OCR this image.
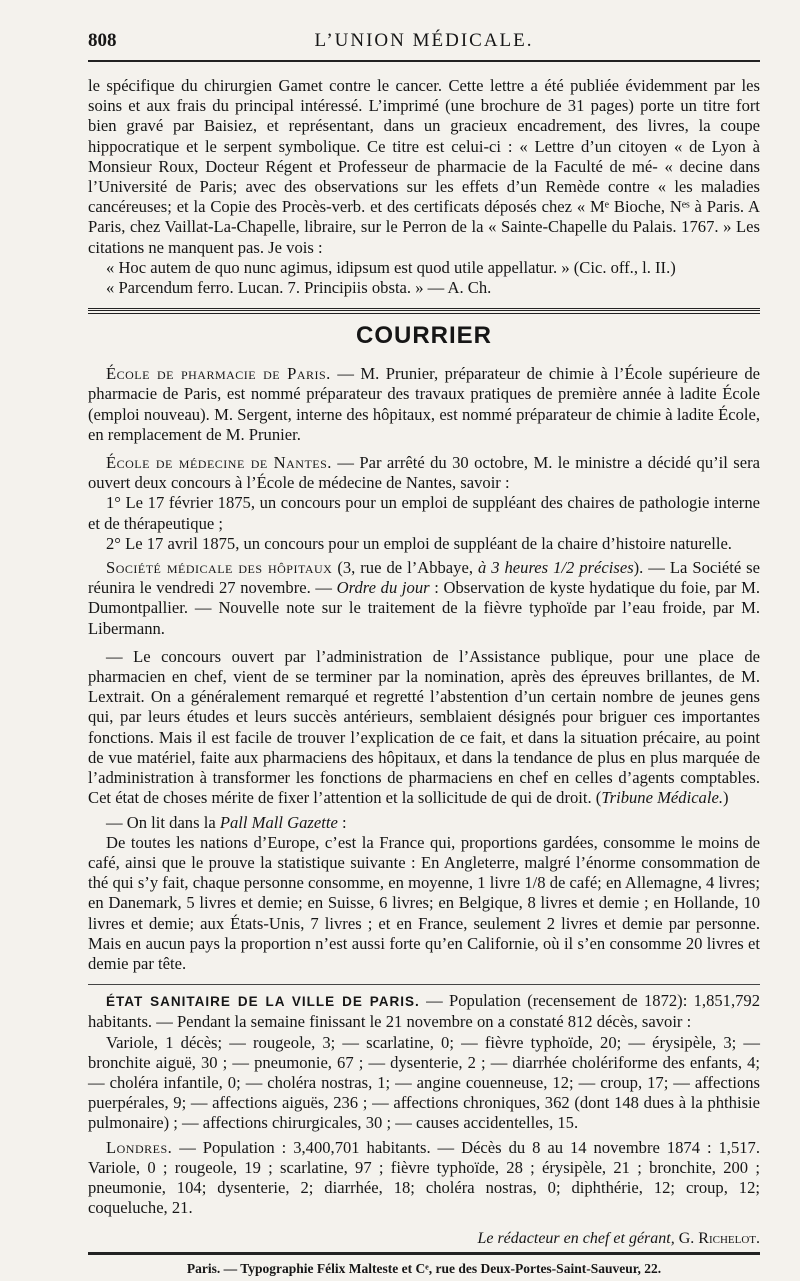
808	L’UNION MÉDICALE.

le spécifique du chirurgien Gamet contre le cancer. Cette lettre a été publiée évidemment par les soins et aux frais du principal intéressé. L’imprimé (une brochure de 31 pages) porte un titre fort bien gravé par Baisiez, et représentant, dans un gracieux encadrement, des livres, la coupe hippocratique et le serpent symbolique. Ce titre est celui-ci : « Lettre d’un citoyen « de Lyon à Monsieur Roux, Docteur Régent et Professeur de pharmacie de la Faculté de mé- « decine dans l’Université de Paris; avec des observations sur les effets d’un Remède contre « les maladies cancéreuses; et la Copie des Procès-verb. et des certificats déposés chez « Mᵉ Bioche, Nᵉˢ à Paris. A Paris, chez Vaillat-La-Chapelle, libraire, sur le Perron de la « Sainte-Chapelle du Palais. 1767. » Les citations ne manquent pas. Je vois :

« Hoc autem de quo nunc agimus, idipsum est quod utile appellatur. » (Cic. off., l. II.)

« Parcendum ferro. Lucan. 7. Principiis obsta. » — A. Ch.

COURRIER

École de pharmacie de Paris. — M. Prunier, préparateur de chimie à l’École supérieure de pharmacie de Paris, est nommé préparateur des travaux pratiques de première année à ladite École (emploi nouveau). M. Sergent, interne des hôpitaux, est nommé préparateur de chimie à ladite École, en remplacement de M. Prunier.

École de médecine de Nantes. — Par arrêté du 30 octobre, M. le ministre a décidé qu’il sera ouvert deux concours à l’École de médecine de Nantes, savoir :

1° Le 17 février 1875, un concours pour un emploi de suppléant des chaires de pathologie interne et de thérapeutique ;

2° Le 17 avril 1875, un concours pour un emploi de suppléant de la chaire d’histoire naturelle.

Société médicale des hôpitaux (3, rue de l’Abbaye, à 3 heures 1/2 précises). — La Société se réunira le vendredi 27 novembre. — Ordre du jour : Observation de kyste hydatique du foie, par M. Dumontpallier. — Nouvelle note sur le traitement de la fièvre typhoïde par l’eau froide, par M. Libermann.

— Le concours ouvert par l’administration de l’Assistance publique, pour une place de pharmacien en chef, vient de se terminer par la nomination, après des épreuves brillantes, de M. Lextrait. On a généralement remarqué et regretté l’abstention d’un certain nombre de jeunes gens qui, par leurs études et leurs succès antérieurs, semblaient désignés pour briguer ces importantes fonctions. Mais il est facile de trouver l’explication de ce fait, et dans la situation précaire, au point de vue matériel, faite aux pharmaciens des hôpitaux, et dans la tendance de plus en plus marquée de l’administration à transformer les fonctions de pharmaciens en chef en celles d’agents comptables. Cet état de choses mérite de fixer l’attention et la sollicitude de qui de droit. (Tribune Médicale.)

— On lit dans la Pall Mall Gazette :

De toutes les nations d’Europe, c’est la France qui, proportions gardées, consomme le moins de café, ainsi que le prouve la statistique suivante : En Angleterre, malgré l’énorme consommation de thé qui s’y fait, chaque personne consomme, en moyenne, 1 livre 1/8 de café; en Allemagne, 4 livres; en Danemark, 5 livres et demie; en Suisse, 6 livres; en Belgique, 8 livres et demie ; en Hollande, 10 livres et demie; aux États-Unis, 7 livres ; et en France, seulement 2 livres et demie par personne. Mais en aucun pays la proportion n’est aussi forte qu’en Californie, où il s’en consomme 20 livres et demie par tête.

ÉTAT SANITAIRE DE LA VILLE DE PARIS. — Population (recensement de 1872): 1,851,792 habitants. — Pendant la semaine finissant le 21 novembre on a constaté 812 décès, savoir :

Variole, 1 décès; — rougeole, 3; — scarlatine, 0; — fièvre typhoïde, 20; — érysipèle, 3; — bronchite aiguë, 30 ; — pneumonie, 67 ; — dysenterie, 2 ; — diarrhée cholériforme des enfants, 4; — choléra infantile, 0; — choléra nostras, 1; — angine couenneuse, 12; — croup, 17; — affections puerpérales, 9; — affections aiguës, 236 ; — affections chroniques, 362 (dont 148 dues à la phthisie pulmonaire) ; — affections chirurgicales, 30 ; — causes accidentelles, 15.

Londres. — Population : 3,400,701 habitants. — Décès du 8 au 14 novembre 1874 : 1,517. Variole, 0 ; rougeole, 19 ; scarlatine, 97 ; fièvre typhoïde, 28 ; érysipèle, 21 ; bronchite, 200 ; pneumonie, 104; dysenterie, 2; diarrhée, 18; choléra nostras, 0; diphthérie, 12; croup, 12; coqueluche, 21.

Le rédacteur en chef et gérant, G. Richelot.
Paris. — Typographie Félix Malteste et Cᵉ, rue des Deux-Portes-Saint-Sauveur, 22.
